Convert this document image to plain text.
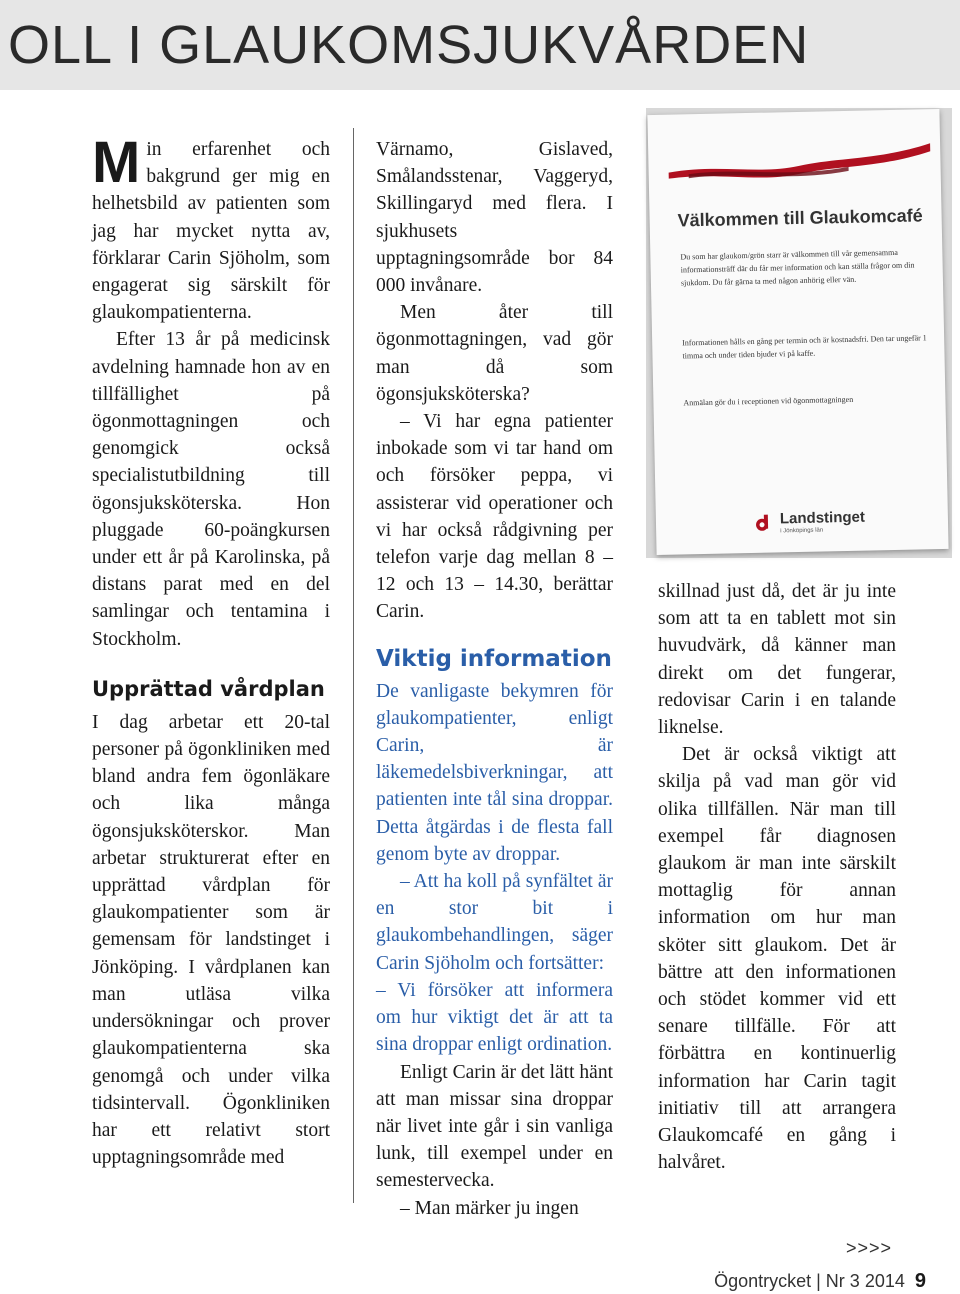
OLL I GLAUKOMSJUKVÅRDEN

Min erfarenhet och bakgrund ger mig en helhetsbild av patienten som jag har mycket nytta av, förklarar Carin Sjöholm, som engagerat sig särskilt för glaukompatienterna.

Efter 13 år på medicinsk avdelning hamnade hon av en tillfällighet på ögonmottagningen och genomgick också specialistutbildning till ögonsjuksköterska. Hon pluggade 60-poängkursen under ett år på Karolinska, på distans parat med en del samlingar och tentamina i Stockholm.

Upprättad vårdplan

I dag arbetar ett 20-tal personer på ögonkliniken med bland andra fem ögonläkare och lika många ögonsjuksköterskor. Man arbetar strukturerat efter en upprättad vårdplan för glaukompatienter som är gemensam för landstinget i Jönköping. I vårdplanen kan man utläsa vilka undersökningar och prover glaukompatienterna ska genomgå och under vilka tidsintervall. Ögonkliniken har ett relativt stort upptagningsområde med

Värnamo, Gislaved, Smålandsstenar, Vaggeryd, Skillingaryd med flera. I sjukhusets upptagningsområde bor 84 000 invånare.

Men åter till ögonmottagningen, vad gör man då som ögonsjuksköterska?

– Vi har egna patienter inbokade som vi tar hand om och försöker peppa, vi assisterar vid operationer och vi har också rådgivning per telefon varje dag mellan 8 – 12 och 13 – 14.30, berättar Carin.

Viktig information

De vanligaste bekymren för glaukompatienter, enligt Carin, är läkemedelsbiverkningar, att patienten inte tål sina droppar. Detta åtgärdas i de flesta fall genom byte av droppar.

– Att ha koll på synfältet är en stor bit i glaukombehandlingen, säger Carin Sjöholm och fortsätter:

– Vi försöker att informera om hur viktigt det är att ta sina droppar enligt ordination.

Enligt Carin är det lätt hänt att man missar sina droppar när livet inte går i sin vanliga lunk, till exempel under en semestervecka.

– Man märker ju ingen

Välkommen till Glaukomcafé
Du som har glaukom/grön starr är välkommen till vår gemensamma informationsträff där du får mer information och kan ställa frågor om din sjukdom. Du får gärna ta med någon anhörig eller vän.
Informationen hålls en gång per termin och är kostnadsfri. Den tar ungefär 1 timma och under tiden bjuder vi på kaffe.
Anmälan gör du i receptionen vid ögonmottagningen
Landstinget
i Jönköpings län

skillnad just då, det är ju inte som att ta en tablett mot sin huvudvärk, då känner man direkt om det fungerar, redovisar Carin i en talande liknelse.

Det är också viktigt att skilja på vad man gör vid olika tillfällen. När man till exempel får diagnosen glaukom är man inte särskilt mottaglig för annan information om hur man sköter sitt glaukom. Det är bättre att den informationen och stödet kommer vid ett senare tillfälle. För att förbättra en kontinuerlig information har Carin tagit initiativ till att arrangera Glaukomcafé en gång i halvåret.

>>>>
Ögontrycket | Nr 3 2014 9
